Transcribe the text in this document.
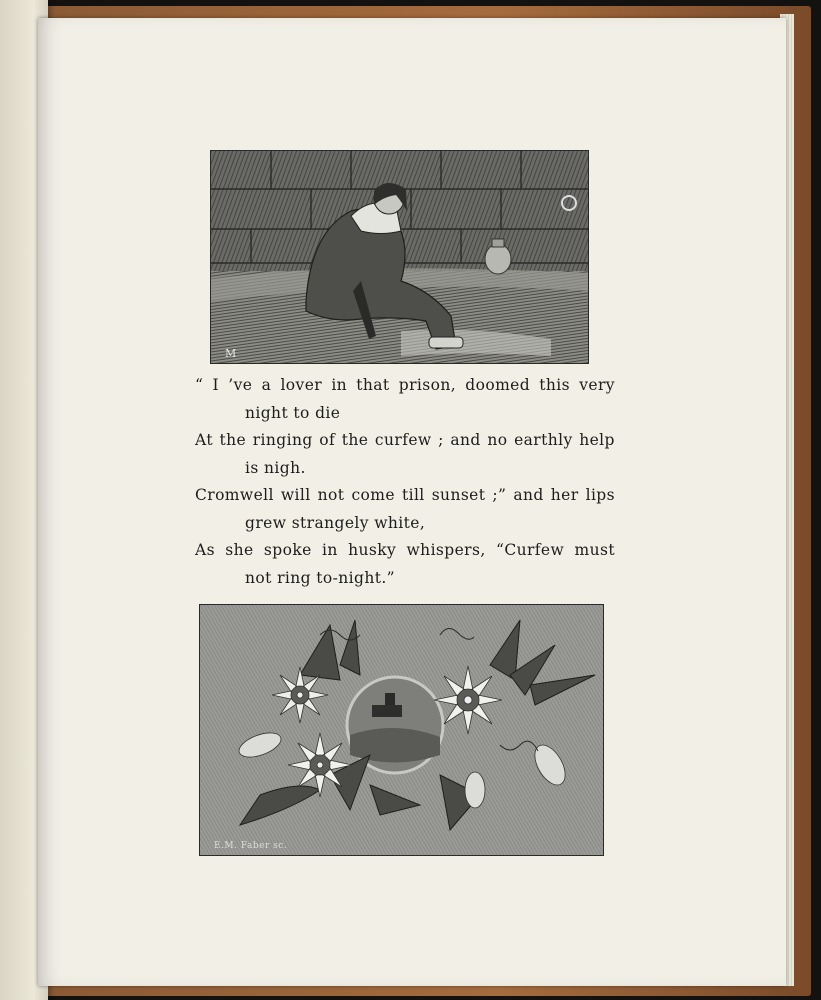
M
“ I ’ve a lover in that prison, doomed this very
night to die
At the ringing of the curfew ; and no earthly help
is nigh.
Cromwell will not come till sunset ;” and her lips
grew strangely white,
As she spoke in husky whispers, “Curfew must
not ring to-night.”
E.M. Faber sc.
